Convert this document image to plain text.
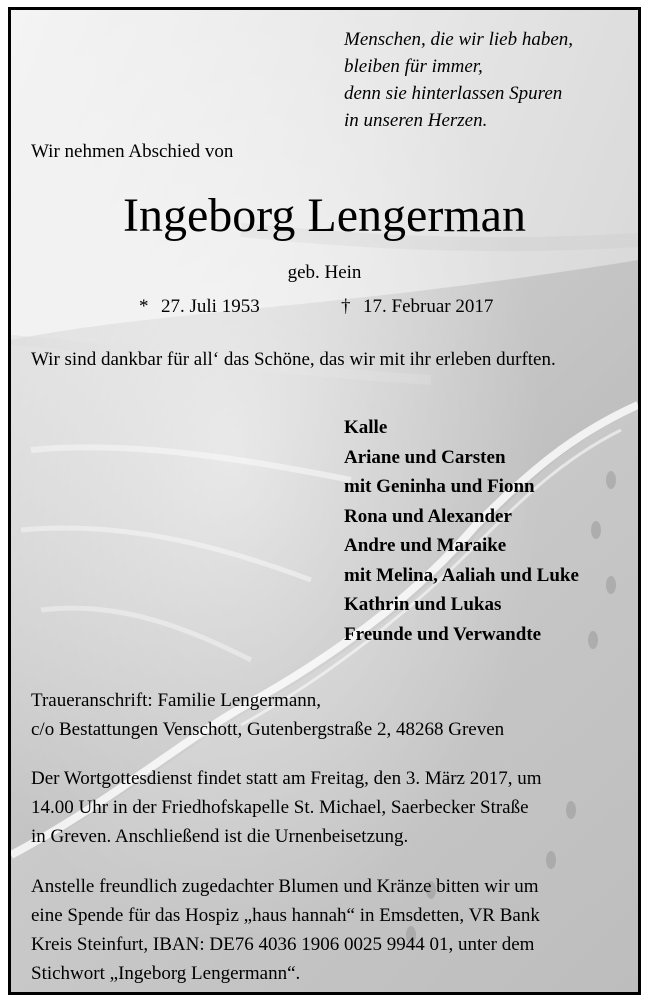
Menschen, die wir lieb haben,
bleiben für immer,
denn sie hinterlassen Spuren
in unseren Herzen.
Wir nehmen Abschied von
Ingeborg Lengerman
geb. Hein
* 27. Juli 1953	† 17. Februar 2017
Wir sind dankbar für all‘ das Schöne, das wir mit ihr erleben durften.
Kalle
Ariane und Carsten
mit Geninha und Fionn
Rona und Alexander
Andre und Maraike
mit Melina, Aaliah und Luke
Kathrin und Lukas
Freunde und Verwandte
Traueranschrift: Familie Lengermann,
c/o Bestattungen Venschott, Gutenbergstraße 2, 48268 Greven
Der Wortgottesdienst findet statt am Freitag, den 3. März 2017, um
14.00 Uhr in der Friedhofskapelle St. Michael, Saerbecker Straße
in Greven. Anschließend ist die Urnenbeisetzung.
Anstelle freundlich zugedachter Blumen und Kränze bitten wir um
eine Spende für das Hospiz „haus hannah“ in Emsdetten, VR Bank
Kreis Steinfurt, IBAN: DE76 4036 1906 0025 9944 01, unter dem
Stichwort „Ingeborg Lengermann“.
